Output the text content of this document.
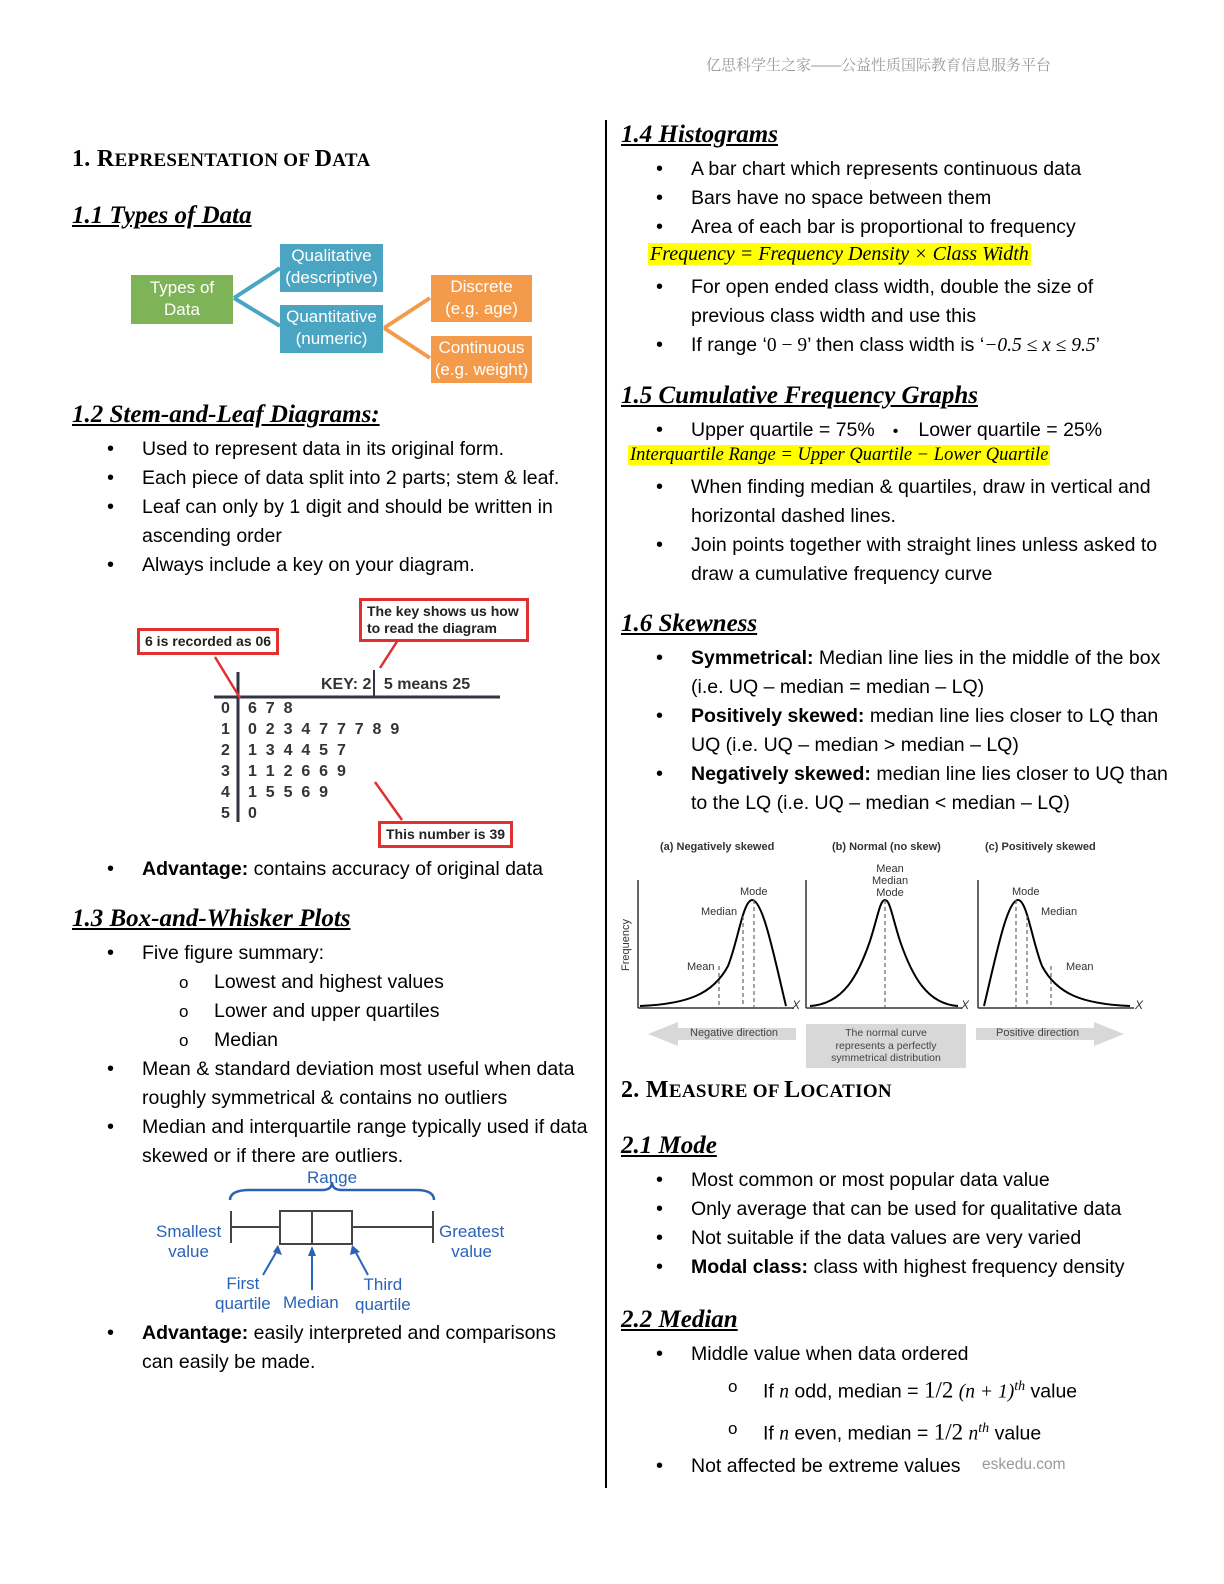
亿思科学生之家——公益性质国际教育信息服务平台
1. REPRESENTATION OF DATA
1.1 Types of Data
Types of Data
Qualitative (descriptive)
Quantitative (numeric)
Discrete (e.g. age)
Continuous (e.g. weight)
1.2 Stem-and-Leaf Diagrams:
• Used to represent data in its original form.
• Each piece of data split into 2 parts; stem & leaf.
• Leaf can only by 1 digit and should be written in ascending order
• Always include a key on your diagram.
The key shows us how to read the diagram
6 is recorded as 06
KEY: 2 5 means 25
0 6  7  8
1 0  2  3  4  7  7  7  8  9
2 1  3  4  4  5  7
3 1  1  2  6  6  9
4 1  5  5  6  9
5 0
This number is 39
• Advantage: contains accuracy of original data
1.3 Box-and-Whisker Plots
• Five figure summary:
o Lowest and highest values
o Lower and upper quartiles
o Median
• Mean & standard deviation most useful when data roughly symmetrical & contains no outliers
• Median and interquartile range typically used if data skewed or if there are outliers.
Range
Smallest
value
Greatest
value
First
quartile Median
Third
quartile
• Advantage: easily interpreted and comparisons can easily be made.
1.4 Histograms
• A bar chart which represents continuous data
• Bars have no space between them
• Area of each bar is proportional to frequency
Frequency = Frequency Density × Class Width
• For open ended class width, double the size of previous class width and use this
• If range ‘0 − 9’ then class width is ‘−0.5 ≤ x ≤ 9.5’
1.5 Cumulative Frequency Graphs
• Upper quartile = 75% • Lower quartile = 25%
Interquartile Range = Upper Quartile − Lower Quartile
• When finding median & quartiles, draw in vertical and horizontal dashed lines.
• Join points together with straight lines unless asked to draw a cumulative frequency curve
1.6 Skewness
• Symmetrical: Median line lies in the middle of the box (i.e. UQ – median = median – LQ)
• Positively skewed: median line lies closer to LQ than UQ (i.e. UQ – median > median – LQ)
• Negatively skewed: median line lies closer to UQ than to the LQ (i.e. UQ – median < median – LQ)
(a) Negatively skewed	(b) Normal (no skew)	(c) Positively skewed
Frequency
Mode
Median
Mean
X
Mean
Median
Mode
X
Mode
Median
Mean
X
Negative direction	Positive direction
The normal curve
represents a perfectly
symmetrical distribution
2. MEASURE OF LOCATION
2.1 Mode
• Most common or most popular data value
• Only average that can be used for qualitative data
• Not suitable if the data values are very varied
• Modal class: class with highest frequency density
2.2 Median
• Middle value when data ordered
o If n odd, median = 1/2 $(n + 1)^{th}$ value
o If n even, median = 1/2 $n^{th}$ value
• Not affected be extreme values	eskedu.com
